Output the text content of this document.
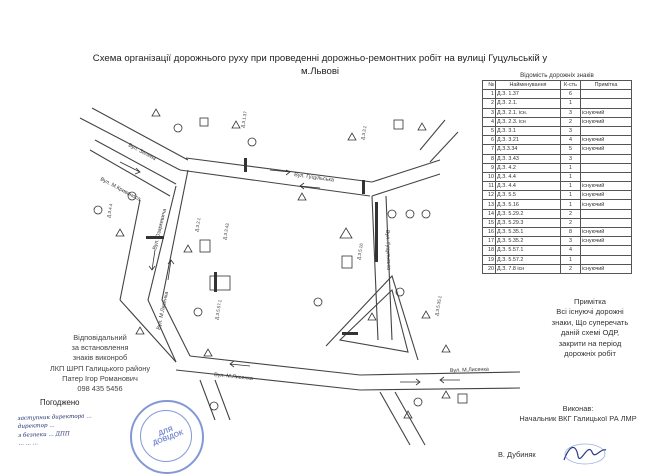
Вул. Зелена
Вул. М.Кривоноса	Вул. Гуцульська
Вул. Озаркевича
Вул. М.Лисенка
Вул. М.Лисенка
Вул. Гуцульська
Вул. М.Лисенка
Д.З.1.37
Д.З.3.1
Д.З.2.1	Д.З.3.43
Д.З.5.16
Д.З.5.35.1
Д.З.4.4
Д.З.5.57.1
Схема організації дорожнього руху при проведенні дорожньо-ремонтних робіт на вулиці Гуцульській у
м.Львові	Відомість дорожніх знаків
№	Найменування	К-сть	Примітка
1	Д.З. 1.37	6	
2	Д.З. 2.1.	1	
3	Д.З. 2.1. існ.	3	існуючий
4	Д.З. 2.3. існ	2	існуючий
5	Д.З. 3.1	3	
6	Д.З. 3.21	4	існуючий
7	Д.З.3.34	5	існуючий
8	Д.З. 3.43	3	
9	Д.З. 4.2	1	
10	Д.З. 4.4	1	
11	Д.З. 4.4	1	існуючий
12	Д.З. 5.5	1	існуючий
13	Д.З. 5.16	1	існуючий
14	Д.З. 5.29.2	2	
15	Д.З. 5.29.3	2	
16	Д.З. 5.35.1	8	існуючий
17	Д.З. 5.35.2	3	існуючий
18	Д.З. 5.57.1	4	
19	Д.З. 5.57.2	1	
20	Д.З. 7.8 існ	2	існуючий
Примітка
Всі існуючі дорожні
знаки, Що суперечать
даній схемі ОДР,
закрити на період
дорожніх робіт
Відповідальний
за встановлення
знаків виконроб
ЛКП ШРП Галицького району
Патер Ігор Романович
098 435 5456
Погоджено
заступник директора ...
директор ...
з безпеки ... ДПП
... ... ...
ДЛЯ ДОВІДОК
Виконав:
Начальник ВКГ Галицької РА ЛМР
В. Дубиняк
